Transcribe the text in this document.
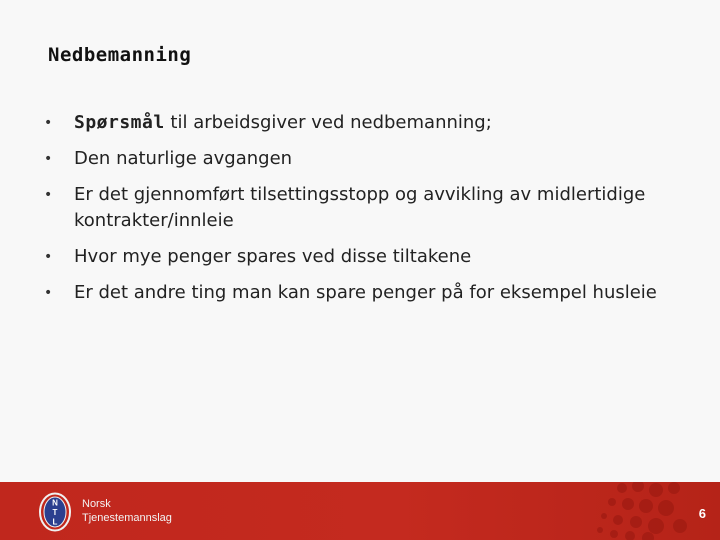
Nedbemanning
• Spørsmål til arbeidsgiver ved nedbemanning;
• Den naturlige avgangen
• Er det gjennomført tilsettingsstopp og avvikling av midlertidige kontrakter/innleie
• Hvor mye penger spares ved disse tiltakene
• Er det andre ting man kan spare penger på for eksempel husleie
N
T
L
Norsk
Tjenestemannslag	6
